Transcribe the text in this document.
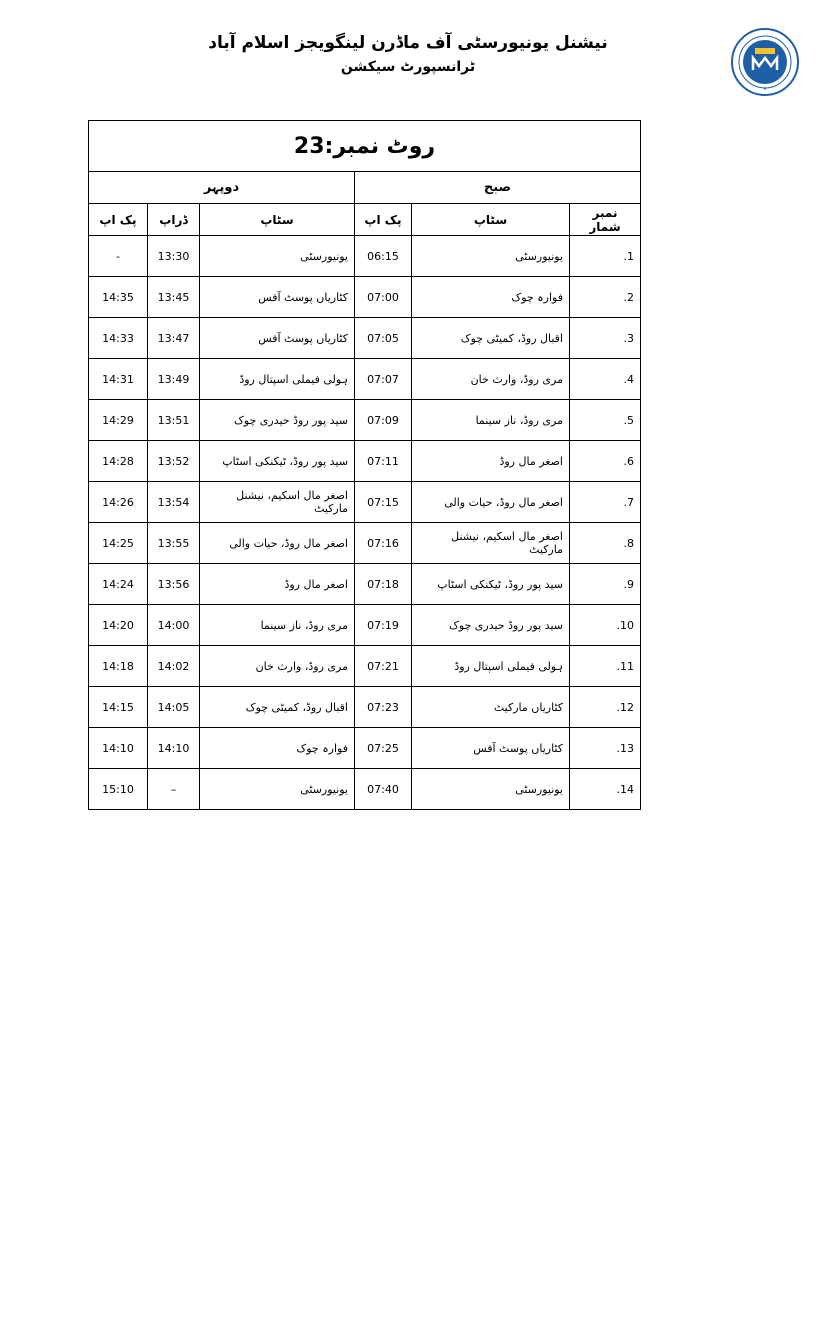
نیشنل یونیورسٹی آف ماڈرن لینگویجز اسلام آباد
ٹرانسپورٹ سیکشن
★
روٹ نمبر:23					
صبح			دوپہر		
نمبر شمار	سٹاپ	پک اپ	سٹاپ	ڈراپ	پک اپ
1.	یونیورسٹی	06:15	یونیورسٹی	13:30	-
2.	فوارہ چوک	07:00	کٹاریاں پوسٹ آفس	13:45	14:35
3.	اقبال روڈ، کمیٹی چوک	07:05	کٹاریاں پوسٹ آفس	13:47	14:33
4.	مری روڈ، وارث خان	07:07	ہولی فیملی اسپتال روڈ	13:49	14:31
5.	مری روڈ، ناز سینما	07:09	سید پور روڈ حیدری چوک	13:51	14:29
6.	اصغر مال روڈ	07:11	سید پور روڈ، ٹیکنکی اسٹاپ	13:52	14:28
7.	اصغر مال روڈ، حیات والی	07:15	اصغر مال اسکیم، نیشنل مارکیٹ	13:54	14:26
8.	اصغر مال اسکیم، نیشنل مارکیٹ	07:16	اصغر مال روڈ، حیات والی	13:55	14:25
9.	سید پور روڈ، ٹیکنکی اسٹاپ	07:18	اصغر مال روڈ	13:56	14:24
10.	سید پور روڈ حیدری چوک	07:19	مری روڈ، ناز سینما	14:00	14:20
11.	ہولی فیملی اسپتال روڈ	07:21	مری روڈ، وارث خان	14:02	14:18
12.	کٹاریاں مارکیٹ	07:23	اقبال روڈ، کمیٹی چوک	14:05	14:15
13.	کٹاریاں پوسٹ آفس	07:25	فوارہ چوک	14:10	14:10
14.	یونیورسٹی	07:40	یونیورسٹی	–	15:10
